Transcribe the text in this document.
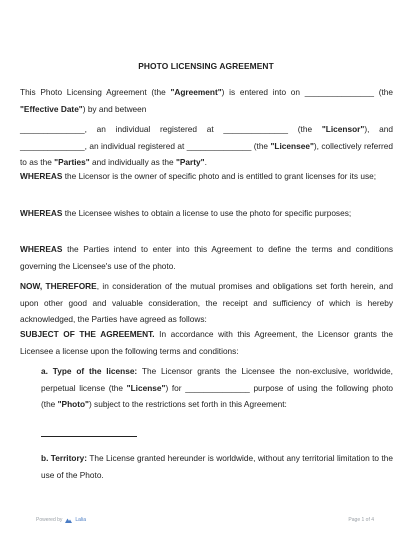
PHOTO LICENSING AGREEMENT
This Photo Licensing Agreement (the "Agreement") is entered into on _______________ (the "Effective Date") by and between
______________, an individual registered at ______________ (the "Licensor"), and ______________, an individual registered at ______________ (the "Licensee"), collectively referred to as the "Parties" and individually as the "Party".
WHEREAS the Licensor is the owner of specific photo and is entitled to grant licenses for its use;
WHEREAS the Licensee wishes to obtain a license to use the photo for specific purposes;
WHEREAS the Parties intend to enter into this Agreement to define the terms and conditions governing the Licensee's use of the photo.
NOW, THEREFORE, in consideration of the mutual promises and obligations set forth herein, and upon other good and valuable consideration, the receipt and sufficiency of which is hereby acknowledged, the Parties have agreed as follows:
SUBJECT OF THE AGREEMENT. In accordance with this Agreement, the Licensor grants the Licensee a license upon the following terms and conditions:
a. Type of the license: The Licensor grants the Licensee the non-exclusive, worldwide, perpetual license (the "License") for ______________ purpose of using the following photo (the "Photo") subject to the restrictions set forth in this Agreement:
b. Territory: The License granted hereunder is worldwide, without any territorial limitation to the use of the Photo.
Powered by	Lalia	Page 1 of 4
